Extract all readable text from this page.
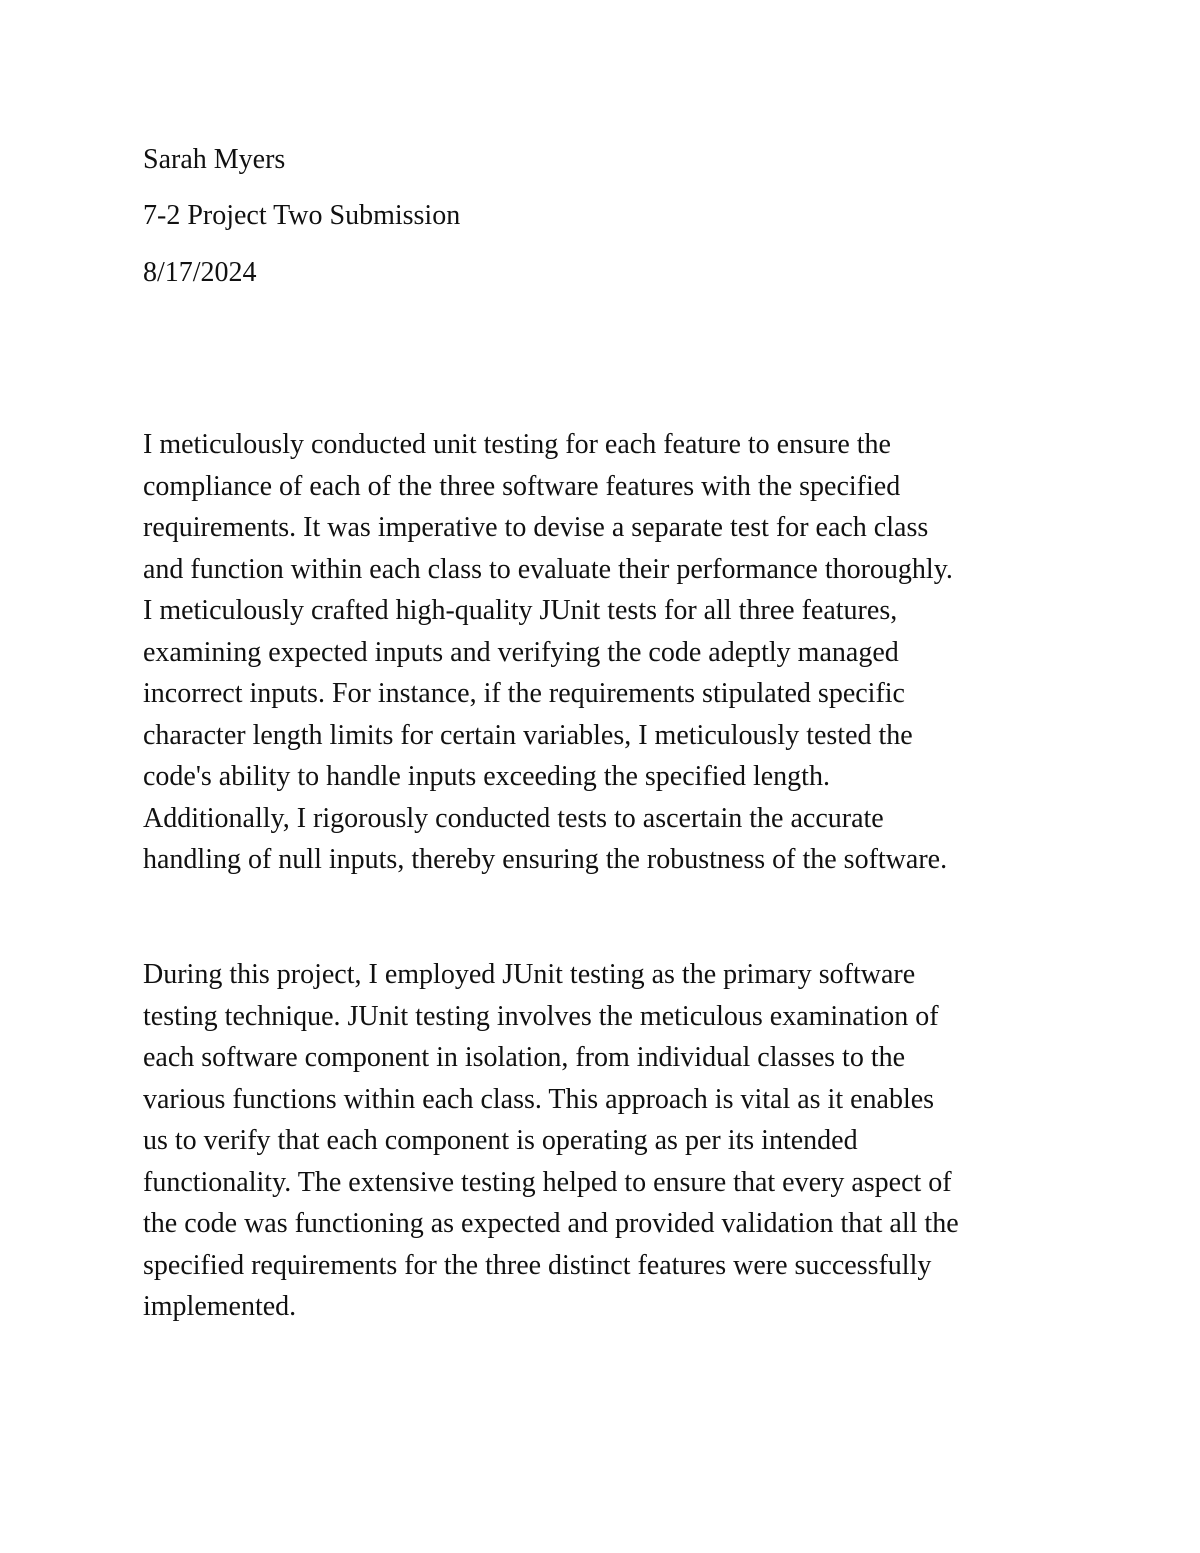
Sarah Myers
7-2 Project Two Submission
8/17/2024
I meticulously conducted unit testing for each feature to ensure the
compliance of each of the three software features with the specified
requirements. It was imperative to devise a separate test for each class
and function within each class to evaluate their performance thoroughly.
I meticulously crafted high-quality JUnit tests for all three features,
examining expected inputs and verifying the code adeptly managed
incorrect inputs. For instance, if the requirements stipulated specific
character length limits for certain variables, I meticulously tested the
code's ability to handle inputs exceeding the specified length.
Additionally, I rigorously conducted tests to ascertain the accurate
handling of null inputs, thereby ensuring the robustness of the software.
During this project, I employed JUnit testing as the primary software
testing technique. JUnit testing involves the meticulous examination of
each software component in isolation, from individual classes to the
various functions within each class. This approach is vital as it enables
us to verify that each component is operating as per its intended
functionality. The extensive testing helped to ensure that every aspect of
the code was functioning as expected and provided validation that all the
specified requirements for the three distinct features were successfully
implemented.
